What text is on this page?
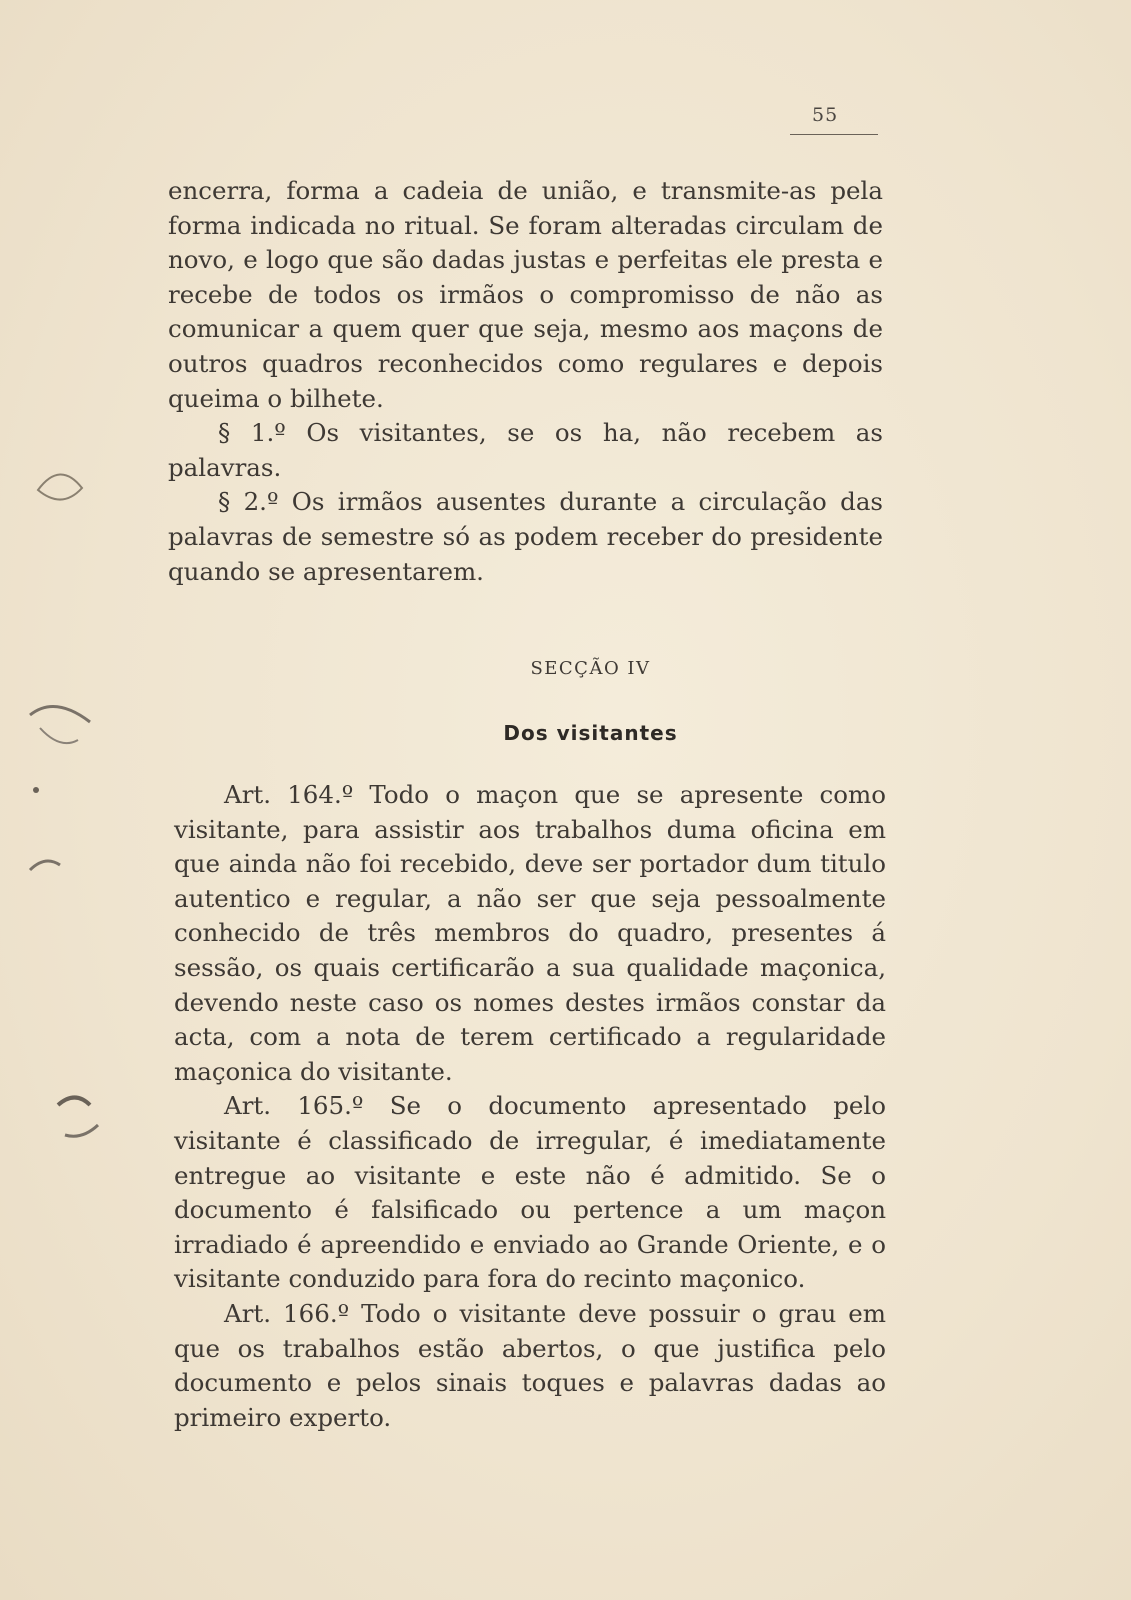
55

encerra, forma a cadeia de união, e transmite-as pela forma indicada no ritual. Se foram alteradas circulam de novo, e logo que são dadas justas e perfeitas ele presta e recebe de todos os irmãos o compromisso de não as comunicar a quem quer que seja, mesmo aos maçons de outros quadros reconhecidos como regulares e depois queima o bilhete.

§ 1.º Os visitantes, se os ha, não recebem as palavras.

§ 2.º Os irmãos ausentes durante a circulação das palavras de semestre só as podem receber do presidente quando se apresentarem.

SECÇÃO IV
Dos visitantes

Art. 164.º Todo o maçon que se apresente como visitante, para assistir aos trabalhos duma oficina em que ainda não foi recebido, deve ser portador dum titulo autentico e regular, a não ser que seja pessoalmente conhecido de três membros do quadro, presentes á sessão, os quais certificarão a sua qualidade maçonica, devendo neste caso os nomes destes irmãos constar da acta, com a nota de terem certificado a regularidade maçonica do visitante.

Art. 165.º Se o documento apresentado pelo visitante é classificado de irregular, é imediatamente entregue ao visitante e este não é admitido. Se o documento é falsificado ou pertence a um maçon irradiado é apreendido e enviado ao Grande Oriente, e o visitante conduzido para fora do recinto maçonico.

Art. 166.º Todo o visitante deve possuir o grau em que os trabalhos estão abertos, o que justifica pelo documento e pelos sinais toques e palavras dadas ao primeiro experto.
